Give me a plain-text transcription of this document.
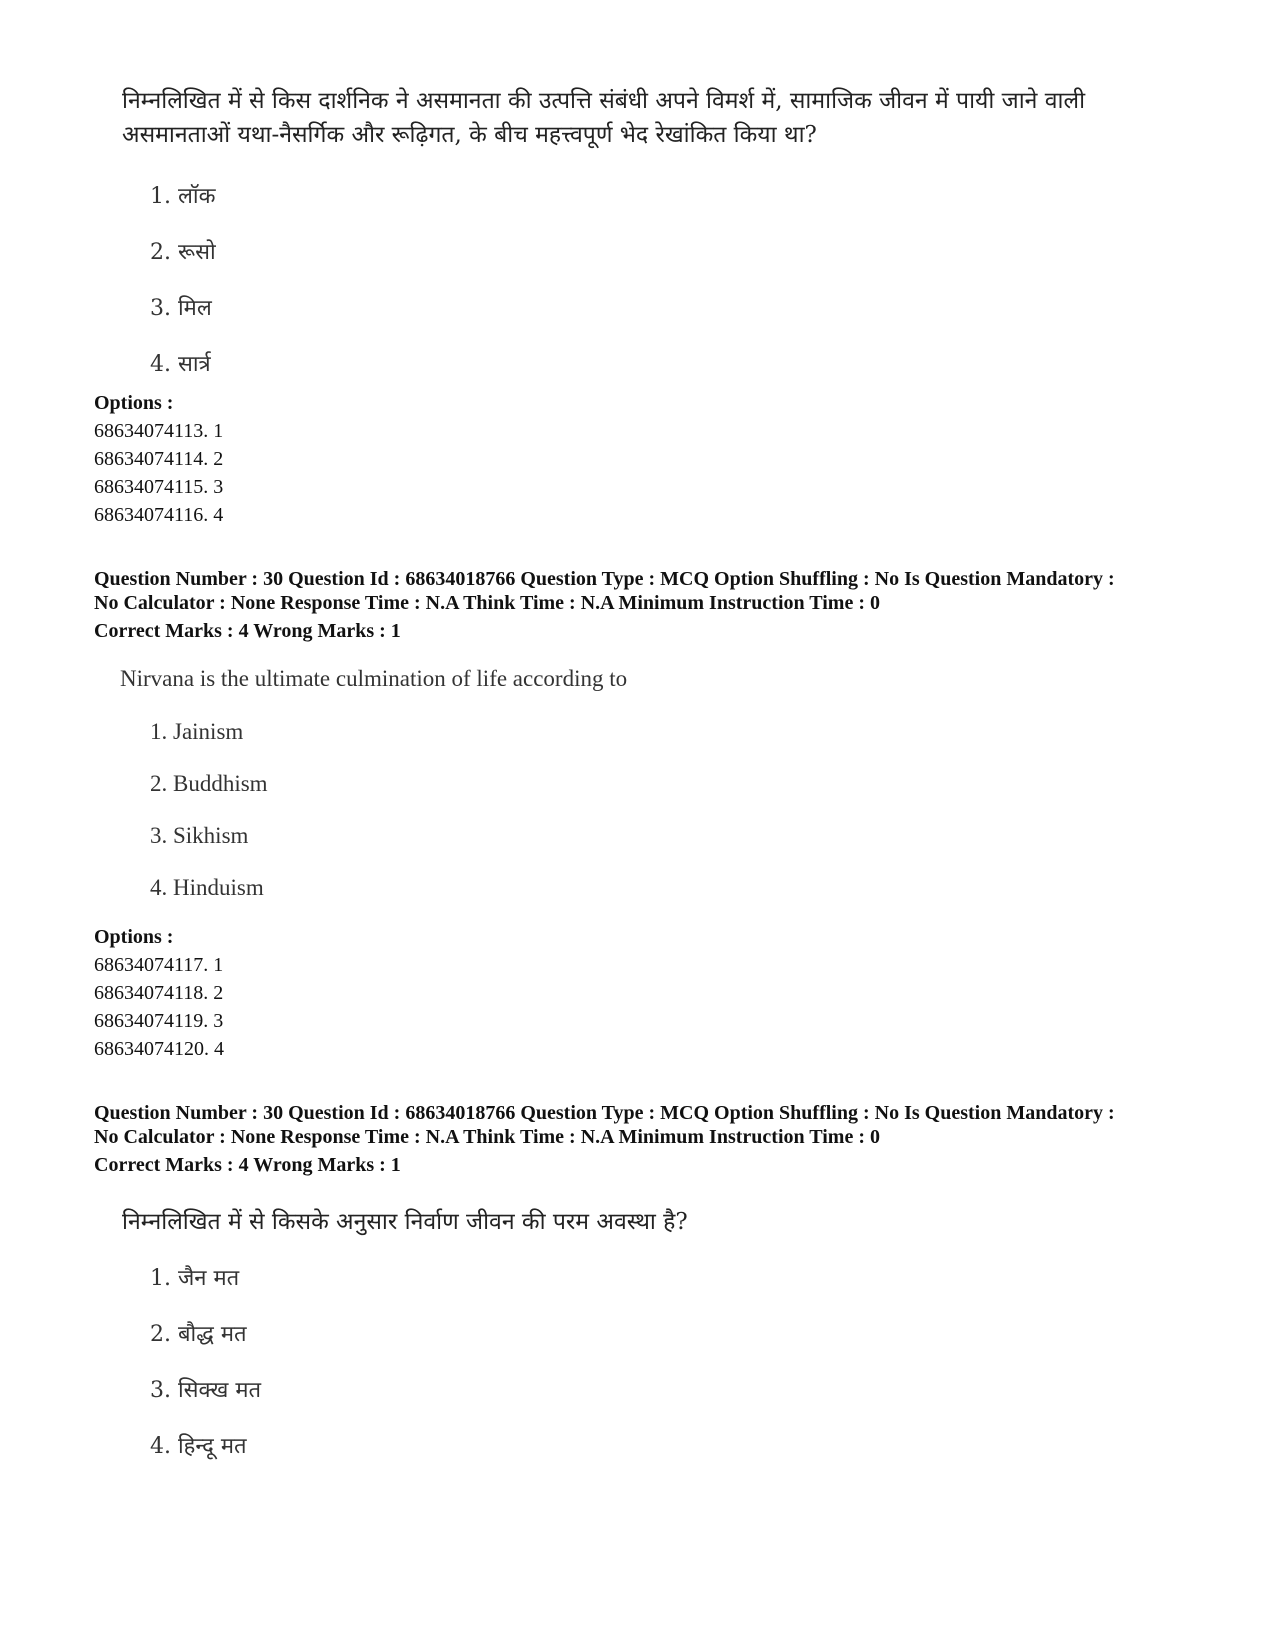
निम्नलिखित में से किस दार्शनिक ने असमानता की उत्पत्ति संबंधी अपने विमर्श में, सामाजिक जीवन में पायी जाने वाली
असमानताओं यथा-नैसर्गिक और रूढ़िगत, के बीच महत्त्वपूर्ण भेद रेखांकित किया था?
1. लॉक
2. रूसो
3. मिल
4. सार्त्र
Options :
68634074113. 1
68634074114. 2
68634074115. 3
68634074116. 4
Question Number : 30 Question Id : 68634018766 Question Type : MCQ Option Shuffling : No Is Question Mandatory :
No Calculator : None Response Time : N.A Think Time : N.A Minimum Instruction Time : 0
Correct Marks : 4 Wrong Marks : 1
Nirvana is the ultimate culmination of life according to
1. Jainism
2. Buddhism
3. Sikhism
4. Hinduism
Options :
68634074117. 1
68634074118. 2
68634074119. 3
68634074120. 4
Question Number : 30 Question Id : 68634018766 Question Type : MCQ Option Shuffling : No Is Question Mandatory :
No Calculator : None Response Time : N.A Think Time : N.A Minimum Instruction Time : 0
Correct Marks : 4 Wrong Marks : 1
निम्नलिखित में से किसके अनुसार निर्वाण जीवन की परम अवस्था है?
1. जैन मत
2. बौद्ध मत
3. सिक्ख मत
4. हिन्दू मत
